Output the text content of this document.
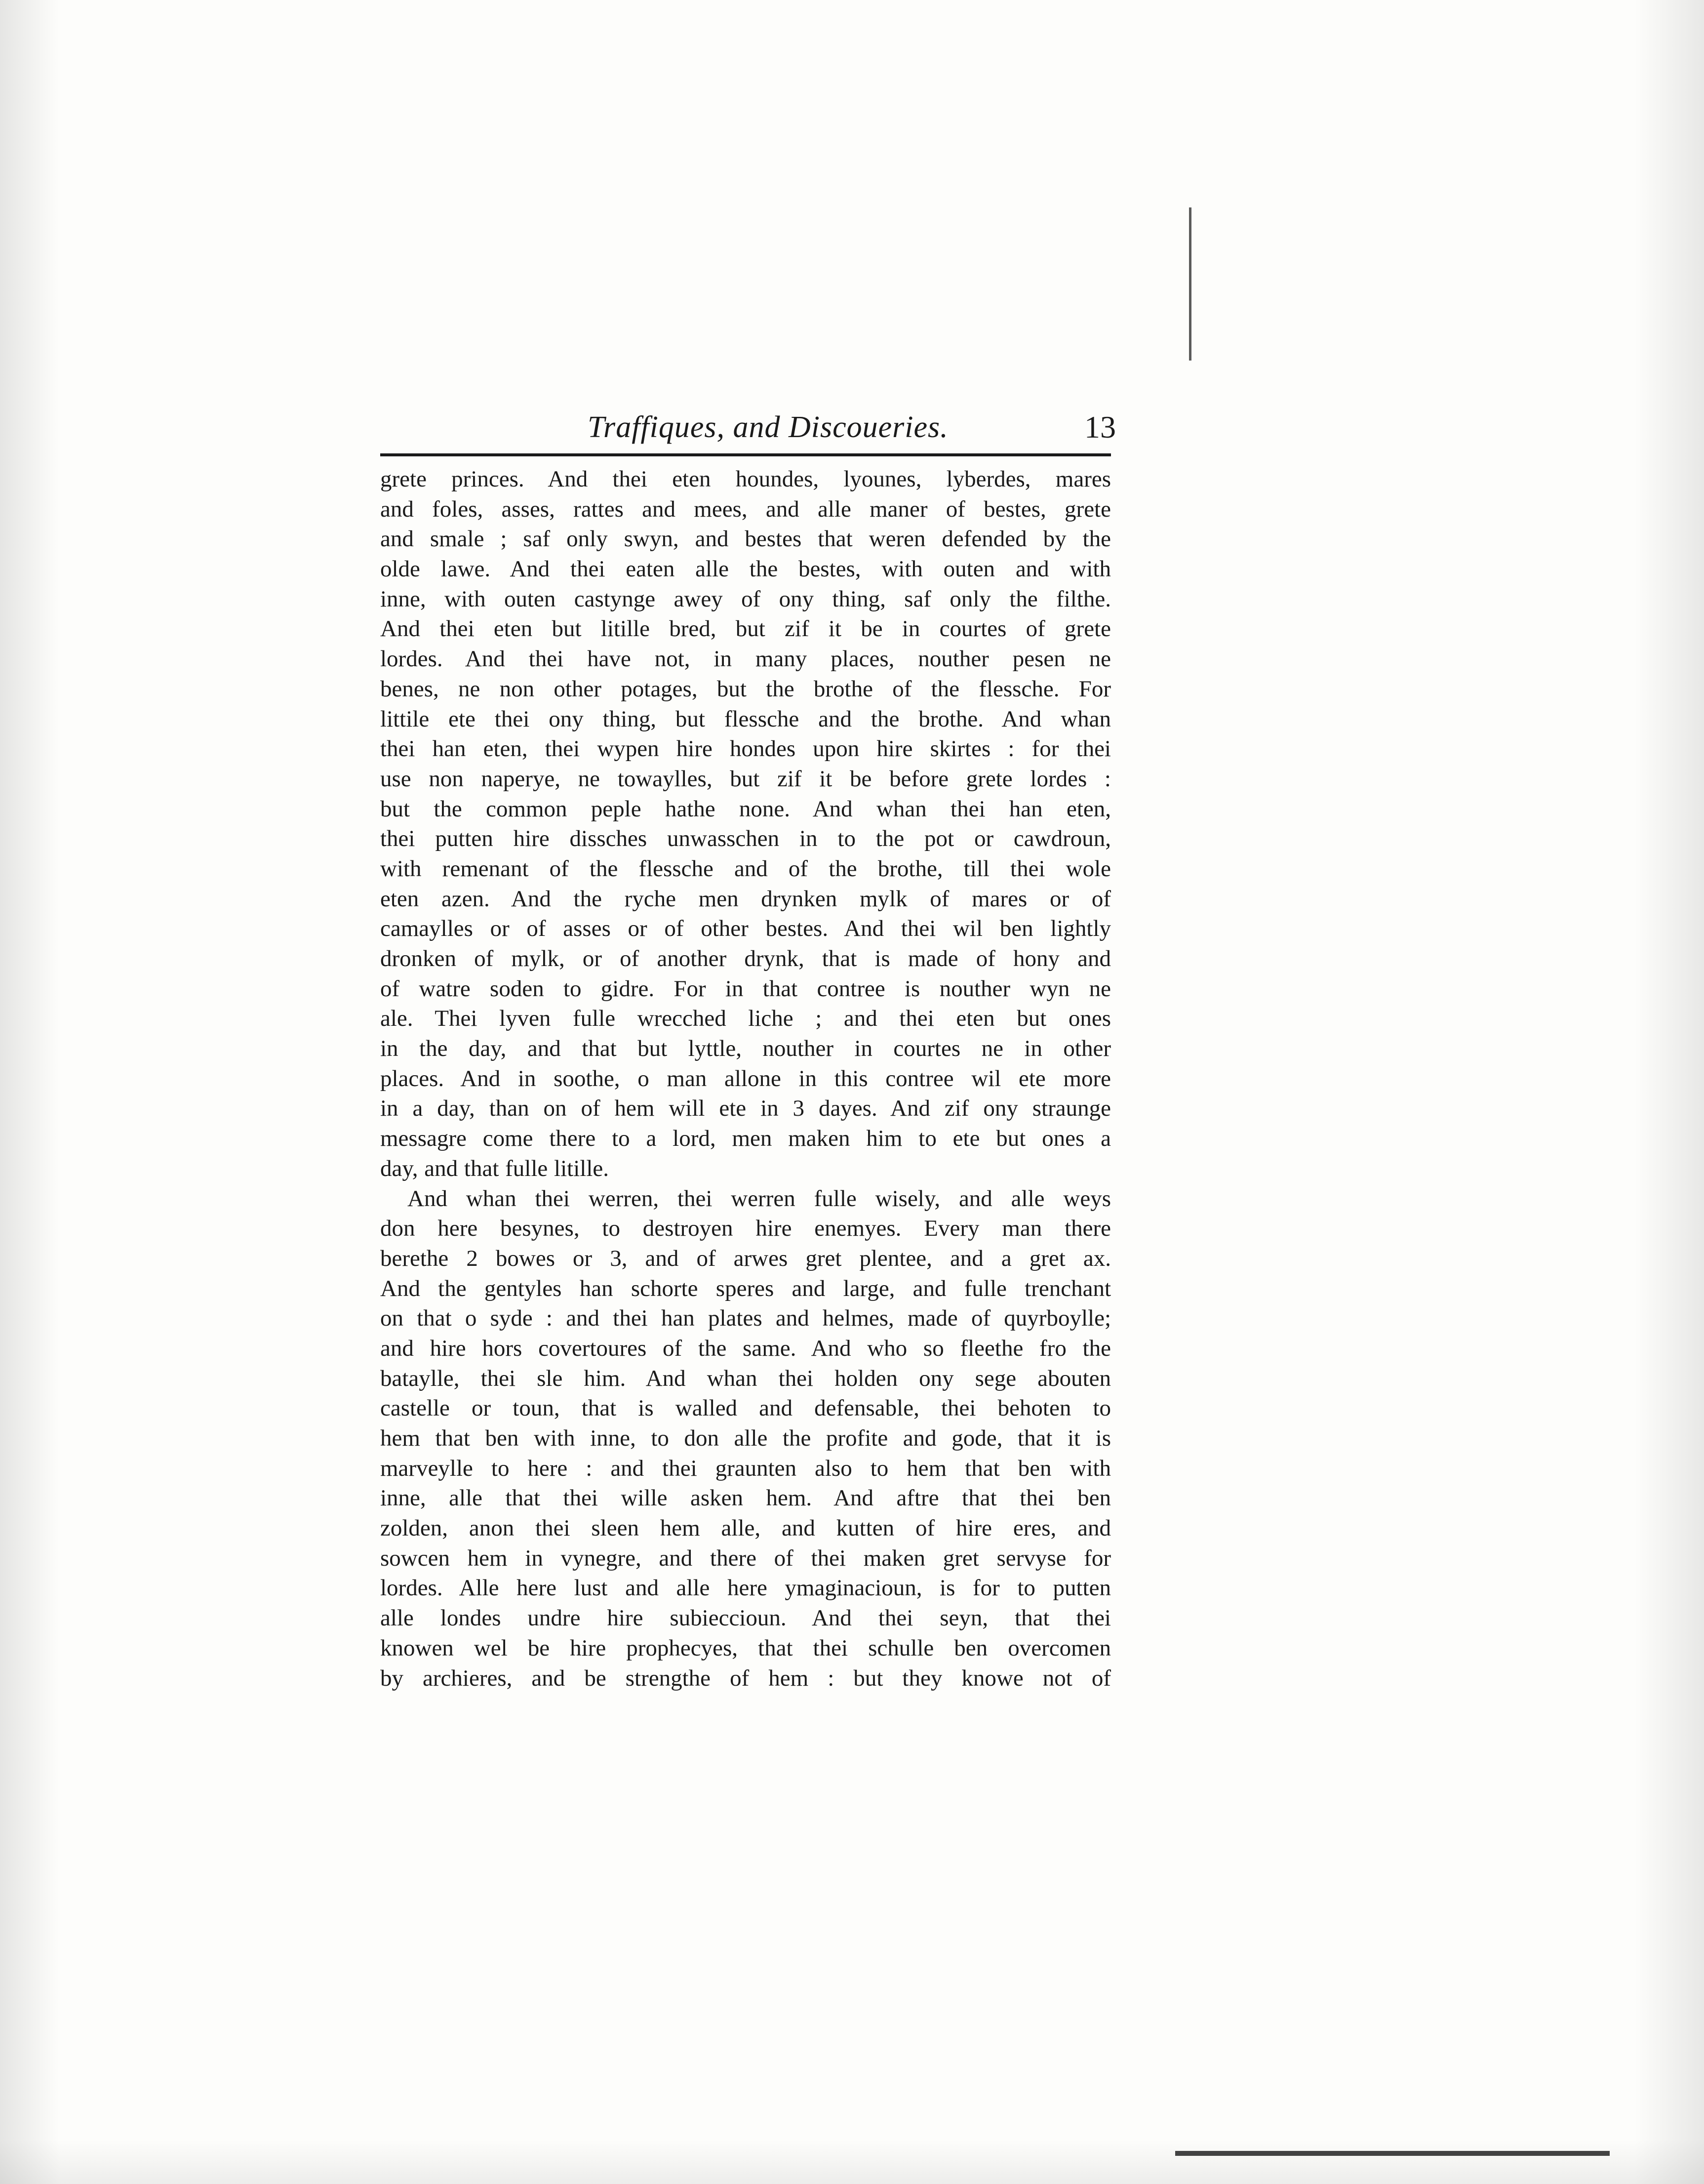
Traffiques, and Discoueries.	13
grete princes. And thei eten houndes, lyounes, lyberdes, mares
and foles, asses, rattes and mees, and alle maner of bestes, grete
and smale ; saf only swyn, and bestes that weren defended by the
olde lawe. And thei eaten alle the bestes, with outen and with
inne, with outen castynge awey of ony thing, saf only the filthe.
And thei eten but litille bred, but zif it be in courtes of grete
lordes. And thei have not, in many places, nouther pesen ne
benes, ne non other potages, but the brothe of the flessche. For
littile ete thei ony thing, but flessche and the brothe. And whan
thei han eten, thei wypen hire hondes upon hire skirtes : for thei
use non naperye, ne towaylles, but zif it be before grete lordes :
but the common peple hathe none. And whan thei han eten,
thei putten hire dissches unwasschen in to the pot or cawdroun,
with remenant of the flessche and of the brothe, till thei wole
eten azen. And the ryche men drynken mylk of mares or of
camaylles or of asses or of other bestes. And thei wil ben lightly
dronken of mylk, or of another drynk, that is made of hony and
of watre soden to gidre. For in that contree is nouther wyn ne
ale. Thei lyven fulle wrecched liche ; and thei eten but ones
in the day, and that but lyttle, nouther in courtes ne in other
places. And in soothe, o man allone in this contree wil ete more
in a day, than on of hem will ete in 3 dayes. And zif ony straunge
messagre come there to a lord, men maken him to ete but ones a
day, and that fulle litille.
And whan thei werren, thei werren fulle wisely, and alle weys
don here besynes, to destroyen hire enemyes. Every man there
berethe 2 bowes or 3, and of arwes gret plentee, and a gret ax.
And the gentyles han schorte speres and large, and fulle trenchant
on that o syde : and thei han plates and helmes, made of quyrboylle;
and hire hors covertoures of the same. And who so fleethe fro the
bataylle, thei sle him. And whan thei holden ony sege abouten
castelle or toun, that is walled and defensable, thei behoten to
hem that ben with inne, to don alle the profite and gode, that it is
marveylle to here : and thei graunten also to hem that ben with
inne, alle that thei wille asken hem. And aftre that thei ben
zolden, anon thei sleen hem alle, and kutten of hire eres, and
sowcen hem in vynegre, and there of thei maken gret servyse for
lordes. Alle here lust and alle here ymaginacioun, is for to putten
alle londes undre hire subieccioun. And thei seyn, that thei
knowen wel be hire prophecyes, that thei schulle ben overcomen
by archieres, and be strengthe of hem : but they knowe not of
